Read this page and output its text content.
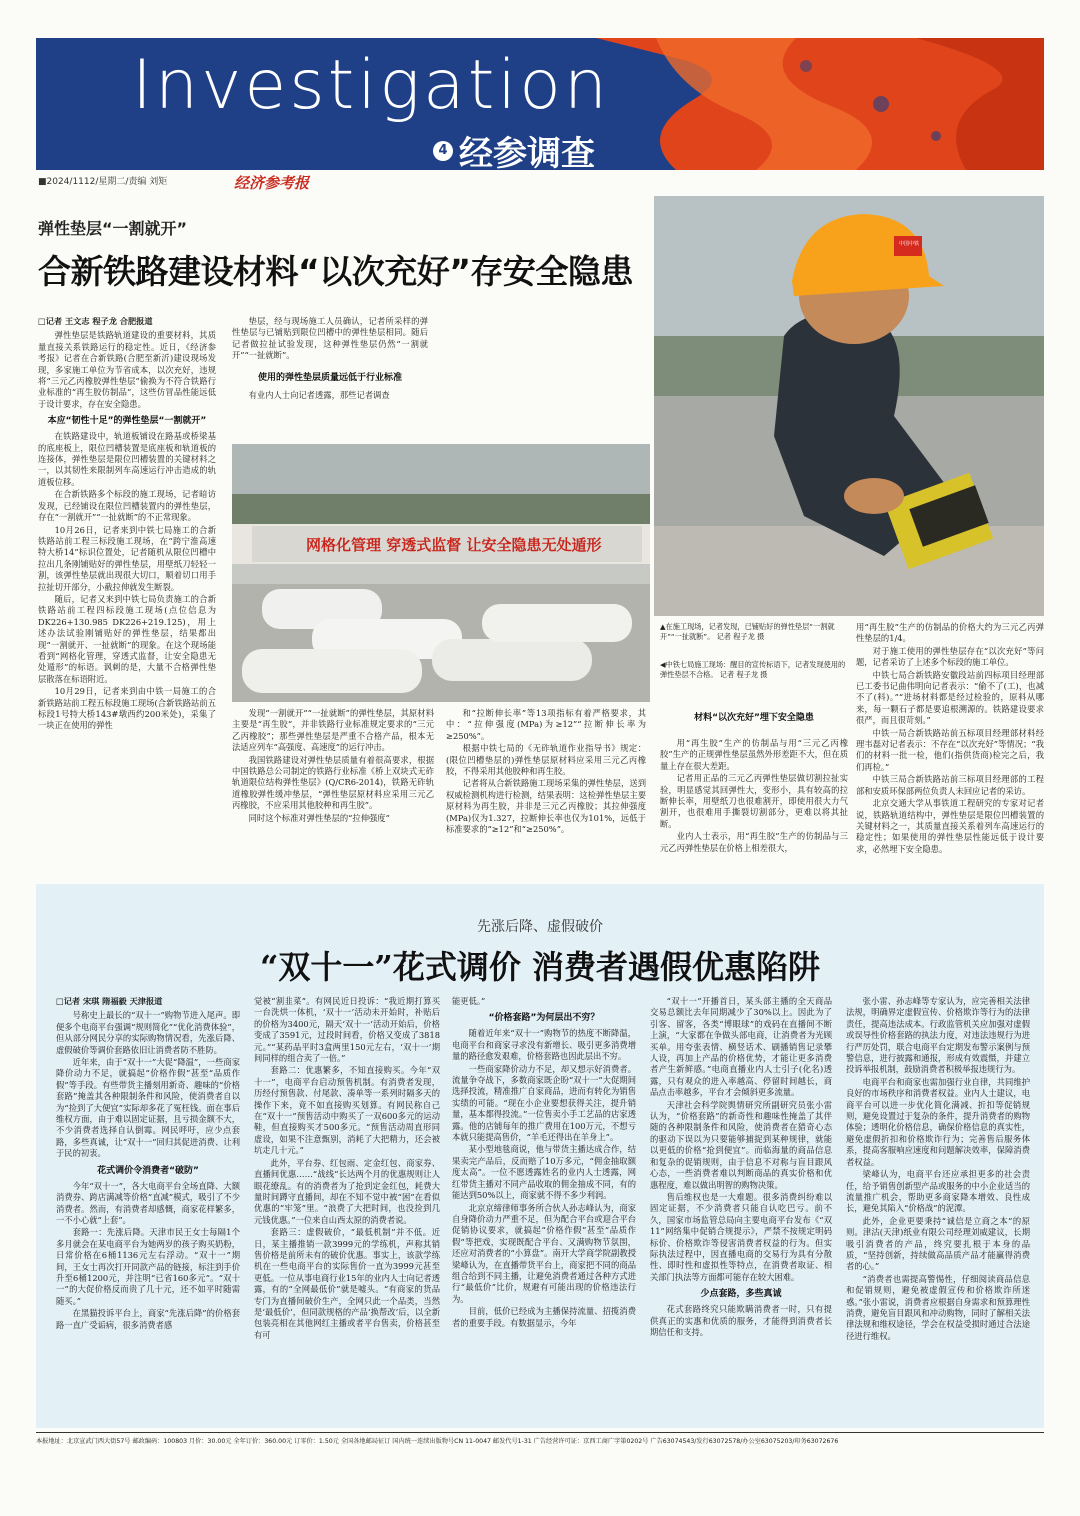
Investigation
4 经参调查
■2024/1112/星期二/责编 刘矩	经济参考报
中国中铁
弹性垫层“一割就开”
合新铁路建设材料“以次充好”存安全隐患
□记者 王文志 程子龙 合肥报道

弹性垫层是铁路轨道建设的重要材料，其质量直接关系铁路运行的稳定性。近日，《经济参考报》记者在合新铁路(合肥至新沂)建设现场发现，多家施工单位为节省成本，以次充好，违规将“三元乙丙橡胶弹性垫层”偷换为不符合铁路行业标准的“再生胶仿制品”，这些仿冒品性能远低于设计要求，存在安全隐患。

本应“韧性十足”的弹性垫层“一割就开”

在铁路建设中，轨道板铺设在路基或桥梁基的底座板上，限位凹槽装置是底座板和轨道板的连接体，弹性垫层是限位凹槽装置的关键材料之一，以其韧性来限制列车高速运行冲击造成的轨道板位移。

在合新铁路多个标段的施工现场，记者暗访发现，已经铺设在限位凹槽装置内的弹性垫层，存在“一割就开”“一扯就断”的不正常现象。

10月26日，记者来到中铁七局施工的合新铁路站前工程三标段施工现场，在“跨宁淮高速特大桥14”标识位置处，记者随机从限位凹槽中拉出几条刚铺贴好的弹性垫层，用壁纸刀轻轻一割，该弹性垫层就出现很大切口，顺着切口用手拉扯切开部分，小截拉伸就发生断裂。

随后，记者又来到中铁七局负责施工的合新铁路站前工程四标段施工现场(点位信息为DK226+130.985 DK226+219.125)，用上述办法试验刚铺贴好的弹性垫层，结果都出现“一割就开、一扯就断”的现象。在这个现场能看到“网格化管理，穿透式监督，让安全隐患无处遁形”的标语。讽刺的是，大量不合格弹性垫层散落在标语附近。

10月29日，记者来到由中铁一局施工的合新铁路站前工程五标段施工现场(合新铁路站前五标段1号特大桥143#墩西约200米处)，采集了一块正在使用的弹性

垫层，经与现场施工人员确认，记者所采样的弹性垫层与已铺贴到限位凹槽中的弹性垫层相同。随后记者做拉扯试验发现，这种弹性垫层仍然“一割就开”“一扯就断”。

使用的弹性垫层质量远低于行业标准

有业内人士向记者透露，那些记者调查

网格化管理 穿透式监督 让安全隐患无处遁形
▲在施工现场，记者发现，已铺贴好的弹性垫层“一割就开”“一扯就断”。 记者 程子龙 摄
◀中铁七局施工现场：醒目的宣传标语下，记者发现使用的弹性垫层不合格。 记者 程子龙 摄

发现“一割就开”“一扯就断”的弹性垫层，其原材料主要是“再生胶”，并非铁路行业标准规定要求的“三元乙丙橡胶”；那些弹性垫层是严重不合格产品，根本无法适应列车“高强度、高速度”的运行冲击。

我国铁路建设对弹性垫层质量有着很高要求，根据中国铁路总公司制定的铁路行业标准《桥上双块式无砟轨道限位结构弹性垫层》(Q/CR6-2014)，铁路无砟轨道橡胶弹性缓冲垫层，“弹性垫层原材料应采用三元乙丙橡胶，不应采用其他胶种和再生胶”。

同时这个标准对弹性垫层的“拉伸强度”

和“拉断伸长率”等13项指标有着严格要求，其中：“拉伸强度(MPa)为≥12”“拉断伸长率为≥250%”。

根据中铁七局的《无砟轨道作业指导书》规定：(限位凹槽垫层的)弹性垫层原材料应采用三元乙丙橡胶，不得采用其他胶种和再生胶。

记者将从合新铁路施工现场采集的弹性垫层，送到权威检测机构进行检测，结果表明：这检弹性垫层主要原材料为再生胶，并非是三元乙丙橡胶；其拉伸强度(MPa)仅为1.327，拉断伸长率也仅为101%，远低于标准要求的“≥12”和“≥250%”。

材料“以次充好”埋下安全隐患

用“再生胶”生产的仿制品与用“三元乙丙橡胶”生产的正规弹性垫层虽然外形差距不大，但在质量上存在很大差距。

记者用正品的三元乙丙弹性垫层做切割拉扯实验，明显感觉其回弹性大，变形小，具有较高的拉断伸长率，用壁纸刀也很难割开，即使用很大力气割开，也很难用手撕裂切割部分，更难以将其扯断。

业内人士表示，用“再生胶”生产的仿制品与三元乙丙弹性垫层在价格上相差很大，

用“再生胶”生产的仿制品的价格大约为三元乙丙弹性垫层的1/4。

对于施工使用的弹性垫层存在“以次充好”等问题，记者采访了上述多个标段的施工单位。

中铁七局合新铁路安徽段站前四标项目经理部已工委书记曲伟明向记者表示：“偷不了(工)，也减不了(料)。”“进场材料都是经过检验的，原料从哪来，每一颗石子都是要追根溯源的。铁路建设要求很严，而且很苛刻。”

中铁一局合新铁路站前五标项目经理部材料经理韦磊对记者表示：不存在“以次充好”等情况；“我们的材料一批一检，他们(指供货商)检完之后，我们再检。”

中铁三局合新铁路站前三标项目经理部的工程部和安质环保部两位负责人未回应记者的采访。

北京交通大学从事铁道工程研究的专家对记者说，铁路轨道结构中，弹性垫层是限位凹槽装置的关键材料之一，其质量直接关系着列车高速运行的稳定性；如果使用的弹性垫层性能远低于设计要求，必然埋下安全隐患。

先涨后降、虚假破价
“双十一”花式调价 消费者遇假优惠陷阱
□记者 宋琪 隋福毅 天津报道

号称史上最长的“双十一”购物节进入尾声。即便多个电商平台强调“规则简化”“优化消费体验”，但从部分网民分享的实际购物情况看，先涨后降、虚假破价等调价套路依旧让消费者防不胜防。

近年来，由于“双十一”大促“降温”，一些商家降价动力不足，就搞起“价格作假”甚至“品质作假”等手段。有些带货主播刻用新奇、趣味的“价格套路”掩盖其各种限制条件和风险，使消费者自以为“捡到了大便宜”实际却多花了冤枉钱。面在事后维权方面，由于难以固定证据，且亏损金额不大，不少消费者选择自认倒霉。网民呼吁，应少点套路，多些真诚，让“双十一”回归其促进消费、让利于民的初衷。

花式调价令消费者“破防”

今年“双十一”，各大电商平台全场直降、大额消费券、跨店满减等价格“直减”模式，吸引了不少消费者。然而，有消费者却感慨，商家花样繁多，一不小心就“上套”。

套路一：先涨后降。天津市民王女士每隔1个多月就会在某电商平台为她两岁的孩子购买奶粉，日常价格在6桶1136元左右浮动。“双十一”期间，王女士再次打开同款产品的链接，标注到手价升至6桶1200元，并注明“已省160多元”。“双十一”的大促价格反而贵了几十元，还不如平时随需随买。”

在黑猫投诉平台上，商家“先涨后降”的价格套路一直广受诟病，很多消费者感

觉被“割韭菜”。有网民近日投诉：“我近期打算买一台洗烘一体机，‘双十一’活动未开始时，补贴后的价格为3400元，隔天‘双十一’活动开始后，价格变成了3591元，过段时间看，价格又变成了3818元。”“某药品平时3盒两里150元左右，‘双十一’期间同样的组合卖了一倍。”

套路二：优惠繁多，不知直接购买。今年“双十一”，电商平台启动预售机制。有消费者发现，历经付预售款、付尾款、凑单等一系列时隔多天的操作下来，竟不如直接购买划算。有网民称自己在“双十一”预售活动中购买了一双600多元的运动鞋，但直接购买才500多元。“预售活动周直形同虚设，如果不注意甄别，消耗了大把精力，还会被坑走几十元。”

此外，平台券、红包雨、定金红包、商家券、直播间优惠……“战线”长达两个月的优惠规则让人眼花缭乱。有的消费者为了抢到定金红包，耗费大量时间蹲守直播间，却在不知不觉中被“困”在看似优惠的“牢笼”里。“浪费了大把时间，也没捡到几元钱优惠。”一位来自山西太原的消费者说。

套路三：虚假破价，“最低机制”并不低。近日，某主播推销一款3999元的学练机，声称其销售价格是前所未有的破价优惠。事实上，该款学练机在一些电商平台的实际售价一直为3999元甚至更低。一位从事电商行业15年的业内人士向记者透露，有的“全网最低价”就是嘘头。“有商家的货品专门为直播间破价生产，全网只此一个品类，当然是‘最低价’，但同款规格的产品‘换帮改’后，以全新包装亮相在其他网红主播或者平台售卖，价格甚至有可

能更低。”

“价格套路”为何层出不穷？

随着近年来“双十一”购物节的热度不断降温，电商平台和商家寻求没有新增长、吸引更多消费增量的路径愈发艰难，价格套路也因此层出不穷。

一些商家降价动力不足，却又想示好消费者。流量争夺战下，多数商家既企盼“双十一”大促期间选择投流，精准推广自家商品，进而有转化为销售实绩的可能。“现在小企业要想获得关注，提升销量，基本都得投流。”一位售卖小手工艺品的店家透露。他的店铺每年的推广费用在100万元，不想亏本就只能提高售价，“羊毛还得出在羊身上”。

某小型地毯商说，他与带货主播达成合作，结果卖完产品后，反而赔了10万多元，“佣金抽取额度太高”。一位不愿透露姓名的业内人士透露，网红带货主播对不同产品收取的佣金抽成不同，有的能达到50%以上，商家就不得不多少利润。

北京京缔律师事务所合伙人孙志峰认为，商家自身降价动力严重不足，但为配合平台或迎合平台促销协议要求，就搞起“价格作假”甚至“品质作假”等把戏，实现既配合平台、又满购物节氛围，还应对消费者的“小算盘”。南开大学商学院副教授梁峰认为，在直播带货平台上，商家把不同的商品组合给到不同主播，让避免消费者通过各种方式进行“最低价”比价，规避有可能出现的价格违法行为。

目前，低价已经成为主播保持流量、招揽消费者的重要手段。有数据显示，今年

“双十一”开播首日，某头部主播的全天商品交易总额比去年同期减少了30%以上。因此为了引客、留客，各类“博眼球”的戏码在直播间不断上演，“大家都在争做头部电商，让消费者为光顾买单。用夸张表情、横竖话术、刷播销售记录攀人设，再加上产品的价格优势，才能让更多消费者产生新鲜感。”电商直播业内人士引子(化名)透露，只有观众的进入率越高、停留时间越长，商品点击率越多，平台才会倾斜更多流量。

天津社会科学院舆情研究所副研究员张小雷认为，“价格套路”的新奇性和趣味性掩盖了其伴随的各种限制条件和风险，使消费者在猎奇心态的驱动下误以为只要能够捕捉到某种规律，就能以更低的价格“抢到便宜”。而临海量的商品信息和复杂的促销规则，由于信息不对称与盲目跟风心态，一些消费者难以判断商品的真实价格和优惠程度，难以做出明智的购物决策。

售后维权也是一大难题。很多消费纠纷难以固定证据，不少消费者只能自认吃巴亏。前不久，国家市场监管总局向主要电商平台发布《“双11”网络集中促销合规提示》，严禁不按规定明码标价、价格欺诈等侵害消费者权益的行为。但实际执法过程中，因直播电商的交易行为具有分散性、即时性和虚拟性等特点，在消费者取证、相关部门执法等方面都可能存在较大困难。

少点套路，多些真诚

花式套路终究只能欺瞒消费者一时，只有提供真正的实惠和优质的服务，才能得到消费者长期信任和支持。

张小雷、孙志峰等专家认为，应完善相关法律法规，明确界定虚假宣传、价格欺诈等行为的法律责任，提高违法成本。行政监管机关应加强对虚假或误导性价格套路的执法力度，对违法违规行为进行严厉处罚，联合电商平台定期发布警示案例与预警信息，进行披露和通报，形成有效震慑，并建立投诉举报机制，鼓励消费者积极举报违规行为。

电商平台和商家也需加强行业自律，共同维护良好的市场秩序和消费者权益。业内人士建议，电商平台可以进一步优化简化满减、折扣等促销规则，避免设置过于复杂的条件，提升消费者的购物体验；透明化价格信息，确保价格信息的真实性，避免虚假折扣和价格欺诈行为；完善售后服务体系，提高客服响应速度和问题解决效率，保障消费者权益。

梁峰认为，电商平台还应承担更多的社会责任，给予销售创新型产品或服务的中小企业适当的流量推广机会，帮助更多商家降本增效、良性成长，避免其陷入“价格战”的泥潭。

此外，企业更要秉持“诚信是立商之本”的原则。津沽(天津)纸业有限公司经理刘威建议，长期吸引消费者的产品，终究要扎根于本身的品质，“坚持创新，持续做高品质产品才能赢得消费者的心。”

“消费者也需提高警惕性，仔细阅读商品信息和促销规则，避免被虚假宣传和价格欺诈所迷惑。”张小雷说，消费者应根据自身需求和预算理性消费，避免盲目跟风和冲动购物，同时了解相关法律法规和维权途径，学会在权益受损时通过合法途径进行维权。

本报地址：北京宣武门西大街57号 邮政编码：100803 月价：30.00元 全年订价：360.00元 订零价：1.50元 全国各地邮局征订 国内统一连续出版物号CN 11-0047 邮发代号1-31 广告经营许可证：京西工商广字第0202号 广告63074543/发行63072578/办公室63075203/印务63072676
